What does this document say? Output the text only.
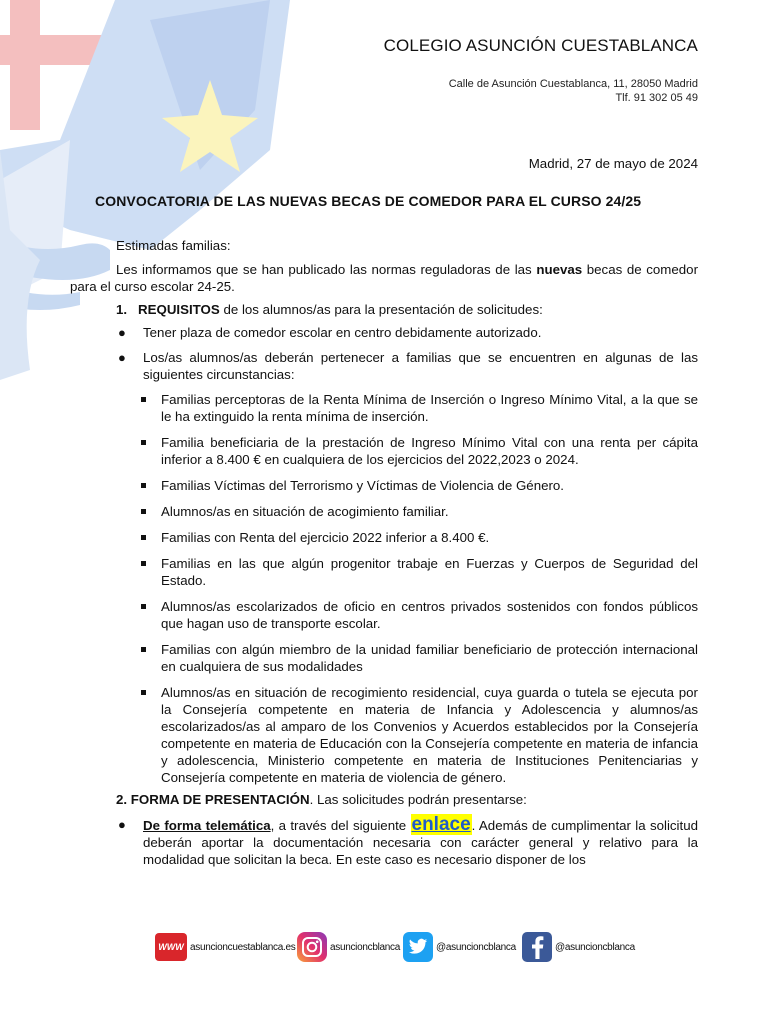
COLEGIO ASUNCIÓN CUESTABLANCA
Calle de Asunción Cuestablanca, 11, 28050 Madrid
Tlf. 91 302 05 49
Madrid, 27 de mayo de 2024
CONVOCATORIA DE LAS NUEVAS BECAS DE COMEDOR PARA EL CURSO 24/25
Estimadas familias:
Les informamos que se han publicado las normas reguladoras de las nuevas becas de comedor para el curso escolar 24-25.
1. REQUISITOS de los alumnos/as para la presentación de solicitudes:
● Tener plaza de comedor escolar en centro debidamente autorizado.
● Los/as alumnos/as deberán pertenecer a familias que se encuentren en algunas de las siguientes circunstancias:
Familias perceptoras de la Renta Mínima de Inserción o Ingreso Mínimo Vital, a la que se le ha extinguido la renta mínima de inserción.
Familia beneficiaria de la prestación de Ingreso Mínimo Vital con una renta per cápita inferior a 8.400 € en cualquiera de los ejercicios del 2022,2023 o 2024.
Familias Víctimas del Terrorismo y Víctimas de Violencia de Género.
Alumnos/as en situación de acogimiento familiar.
Familias con Renta del ejercicio 2022 inferior a 8.400 €.
Familias en las que algún progenitor trabaje en Fuerzas y Cuerpos de Seguridad del Estado.
Alumnos/as escolarizados de oficio en centros privados sostenidos con fondos públicos que hagan uso de transporte escolar.
Familias con algún miembro de la unidad familiar beneficiario de protección internacional en cualquiera de sus modalidades
Alumnos/as en situación de recogimiento residencial, cuya guarda o tutela se ejecuta por la Consejería competente en materia de Infancia y Adolescencia y alumnos/as escolarizados/as al amparo de los Convenios y Acuerdos establecidos por la Consejería competente en materia de Educación con la Consejería competente en materia de infancia y adolescencia, Ministerio competente en materia de Instituciones Penitenciarias y Consejería competente en materia de violencia de género.
2. FORMA DE PRESENTACIÓN. Las solicitudes podrán presentarse:
● De forma telemática, a través del siguiente enlace. Además de cumplimentar la solicitud deberán aportar la documentación necesaria con carácter general y relativo para la modalidad que solicitan la beca. En este caso es necesario disponer de los
WWW asuncioncuestablanca.es	asuncioncblanca	@asuncioncblanca	@asuncioncblanca
